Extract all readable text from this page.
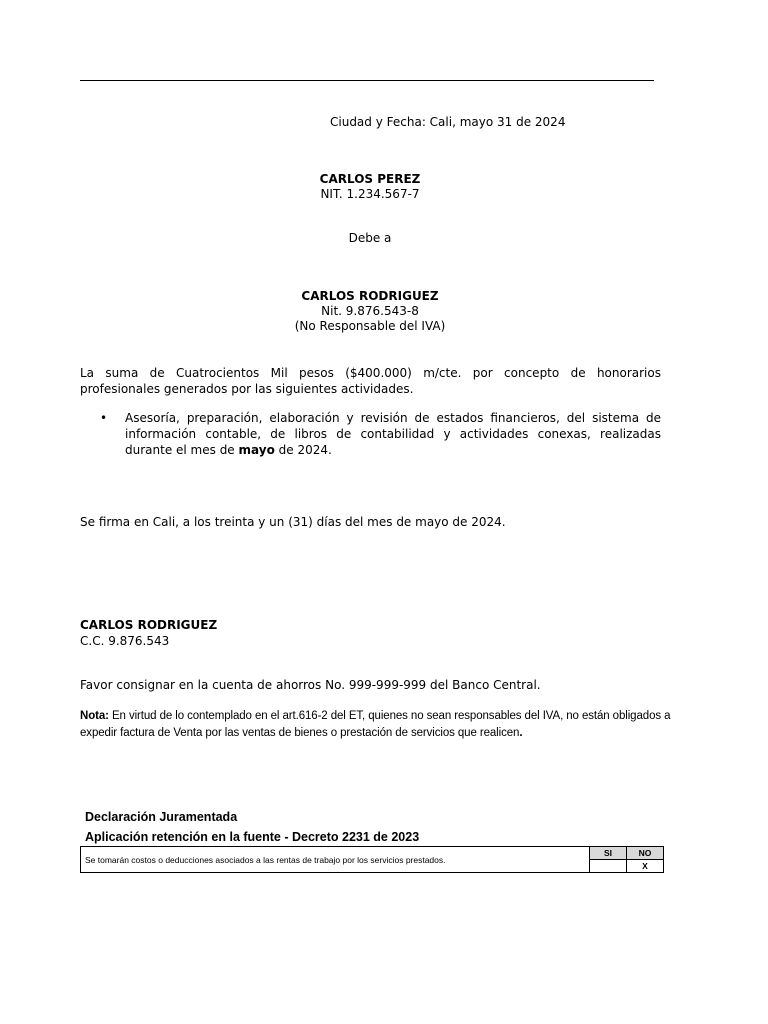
Ciudad y Fecha: Cali, mayo 31 de 2024
CARLOS PEREZ
NIT. 1.234.567-7
Debe a
CARLOS RODRIGUEZ
Nit. 9.876.543-8
(No Responsable del IVA)
La suma de Cuatrocientos Mil pesos ($400.000) m/cte. por concepto de honorarios profesionales generados por las siguientes actividades.
•	Asesoría, preparación, elaboración y revisión de estados financieros, del sistema de información contable, de libros de contabilidad y actividades conexas, realizadas durante el mes de mayo de 2024.
Se firma en Cali, a los treinta y un (31) días del mes de mayo de 2024.
CARLOS RODRIGUEZ
C.C. 9.876.543
Favor consignar en la cuenta de ahorros No. 999-999-999 del Banco Central.
Nota: En virtud de lo contemplado en el art.616-2 del ET, quienes no sean responsables del IVA, no están obligados a expedir factura de Venta por las ventas de bienes o prestación de servicios que realicen.
Declaración Juramentada
Aplicación retención en la fuente - Decreto 2231 de 2023
Se tomarán costos o deducciones asociados a las rentas de trabajo por los servicios prestados.	SI	NO
		X
